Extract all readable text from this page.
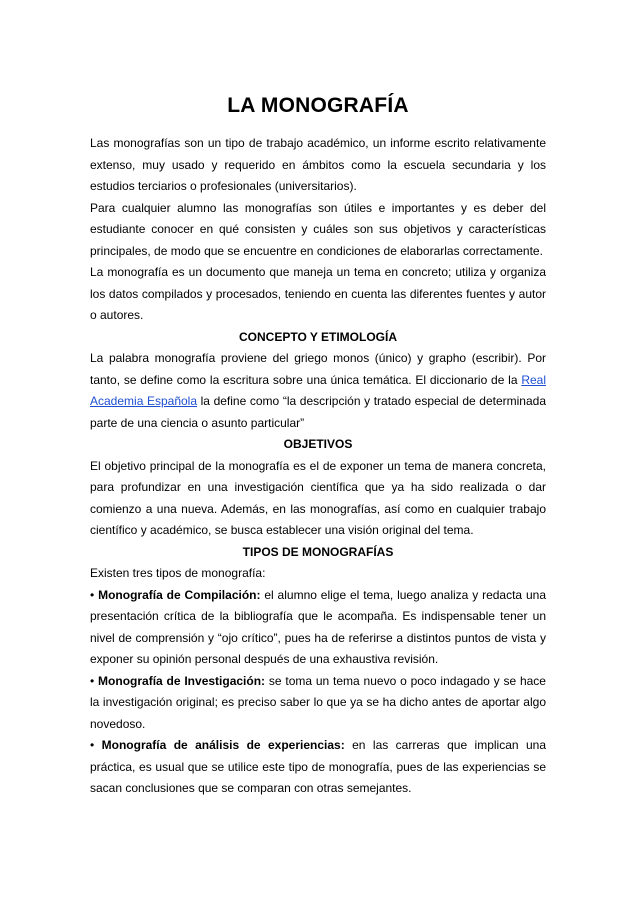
LA MONOGRAFÍA

Las monografías son un tipo de trabajo académico, un informe escrito relativamente extenso, muy usado y requerido en ámbitos como la escuela secundaria y los estudios terciarios o profesionales (universitarios).

Para cualquier alumno las monografías son útiles e importantes y es deber del estudiante conocer en qué consisten y cuáles son sus objetivos y características principales, de modo que se encuentre en condiciones de elaborarlas correctamente.

La monografía es un documento que maneja un tema en concreto; utiliza y organiza los datos compilados y procesados, teniendo en cuenta las diferentes fuentes y autor o autores.

CONCEPTO Y ETIMOLOGÍA

La palabra monografía proviene del griego monos (único) y grapho (escribir). Por tanto, se define como la escritura sobre una única temática. El diccionario de la Real Academia Española la define como “la descripción y tratado especial de determinada parte de una ciencia o asunto particular”

OBJETIVOS

El objetivo principal de la monografía es el de exponer un tema de manera concreta, para profundizar en una investigación científica que ya ha sido realizada o dar comienzo a una nueva. Además, en las monografías, así como en cualquier trabajo científico y académico, se busca establecer una visión original del tema.

TIPOS DE MONOGRAFÍAS

Existen tres tipos de monografía:

• Monografía de Compilación: el alumno elige el tema, luego analiza y redacta una presentación crítica de la bibliografía que le acompaña. Es indispensable tener un nivel de comprensión y “ojo crítico”, pues ha de referirse a distintos puntos de vista y exponer su opinión personal después de una exhaustiva revisión.

• Monografía de Investigación: se toma un tema nuevo o poco indagado y se hace la investigación original; es preciso saber lo que ya se ha dicho antes de aportar algo novedoso.

• Monografía de análisis de experiencias: en las carreras que implican una práctica, es usual que se utilice este tipo de monografía, pues de las experiencias se sacan conclusiones que se comparan con otras semejantes.
